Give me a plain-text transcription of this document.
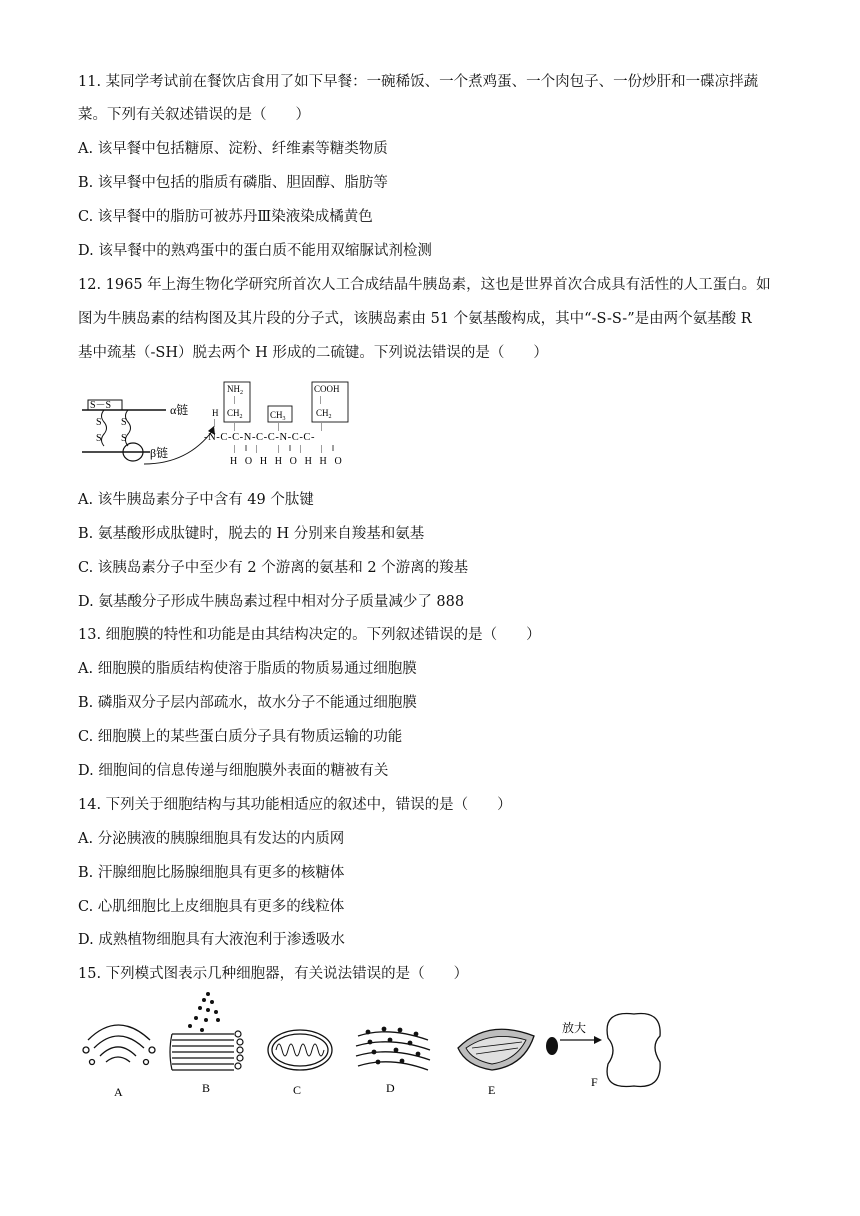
11. 某同学考试前在餐饮店食用了如下早餐：一碗稀饭、一个煮鸡蛋、一个肉包子、一份炒肝和一碟凉拌蔬
菜。下列有关叙述错误的是（　　）
A. 该早餐中包括糖原、淀粉、纤维素等糖类物质
B. 该早餐中包括的脂质有磷脂、胆固醇、脂肪等
C. 该早餐中的脂肪可被苏丹Ⅲ染液染成橘黄色
D. 该早餐中的熟鸡蛋中的蛋白质不能用双缩脲试剂检测
12. 1965 年上海生物化学研究所首次人工合成结晶牛胰岛素，这也是世界首次合成具有活性的人工蛋白。如
图为牛胰岛素的结构图及其片段的分子式，该胰岛素由 51 个氨基酸构成，其中“-S-S-”是由两个氨基酸 R
基中巯基（-SH）脱去两个 H 形成的二硫键。下列说法错误的是（　　）
α链
S－S
S
S
S
S
β链
$NH_2$
|
$CH_2$	$CH_3$
COOH
|
$CH_2$
H
| |	|	|
-N-C-C-N-C-C-N-C-C-
| ‖ |	| ‖ | | ‖
H O H H O H H O
A. 该牛胰岛素分子中含有 49 个肽键
B. 氨基酸形成肽键时，脱去的 H 分别来自羧基和氨基
C. 该胰岛素分子中至少有 2 个游离的氨基和 2 个游离的羧基
D. 氨基酸分子形成牛胰岛素过程中相对分子质量减少了 888
13. 细胞膜的特性和功能是由其结构决定的。下列叙述错误的是（　　）
A. 细胞膜的脂质结构使溶于脂质的物质易通过细胞膜
B. 磷脂双分子层内部疏水，故水分子不能通过细胞膜
C. 细胞膜上的某些蛋白质分子具有物质运输的功能
D. 细胞间的信息传递与细胞膜外表面的糖被有关
14. 下列关于细胞结构与其功能相适应的叙述中，错误的是（　　）
A. 分泌胰液的胰腺细胞具有发达的内质网
B. 汗腺细胞比肠腺细胞具有更多的核糖体
C. 心肌细胞比上皮细胞具有更多的线粒体
D. 成熟植物细胞具有大液泡利于渗透吸水
15. 下列模式图表示几种细胞器，有关说法错误的是（　　）
A	B	C	D	E
放大
F
